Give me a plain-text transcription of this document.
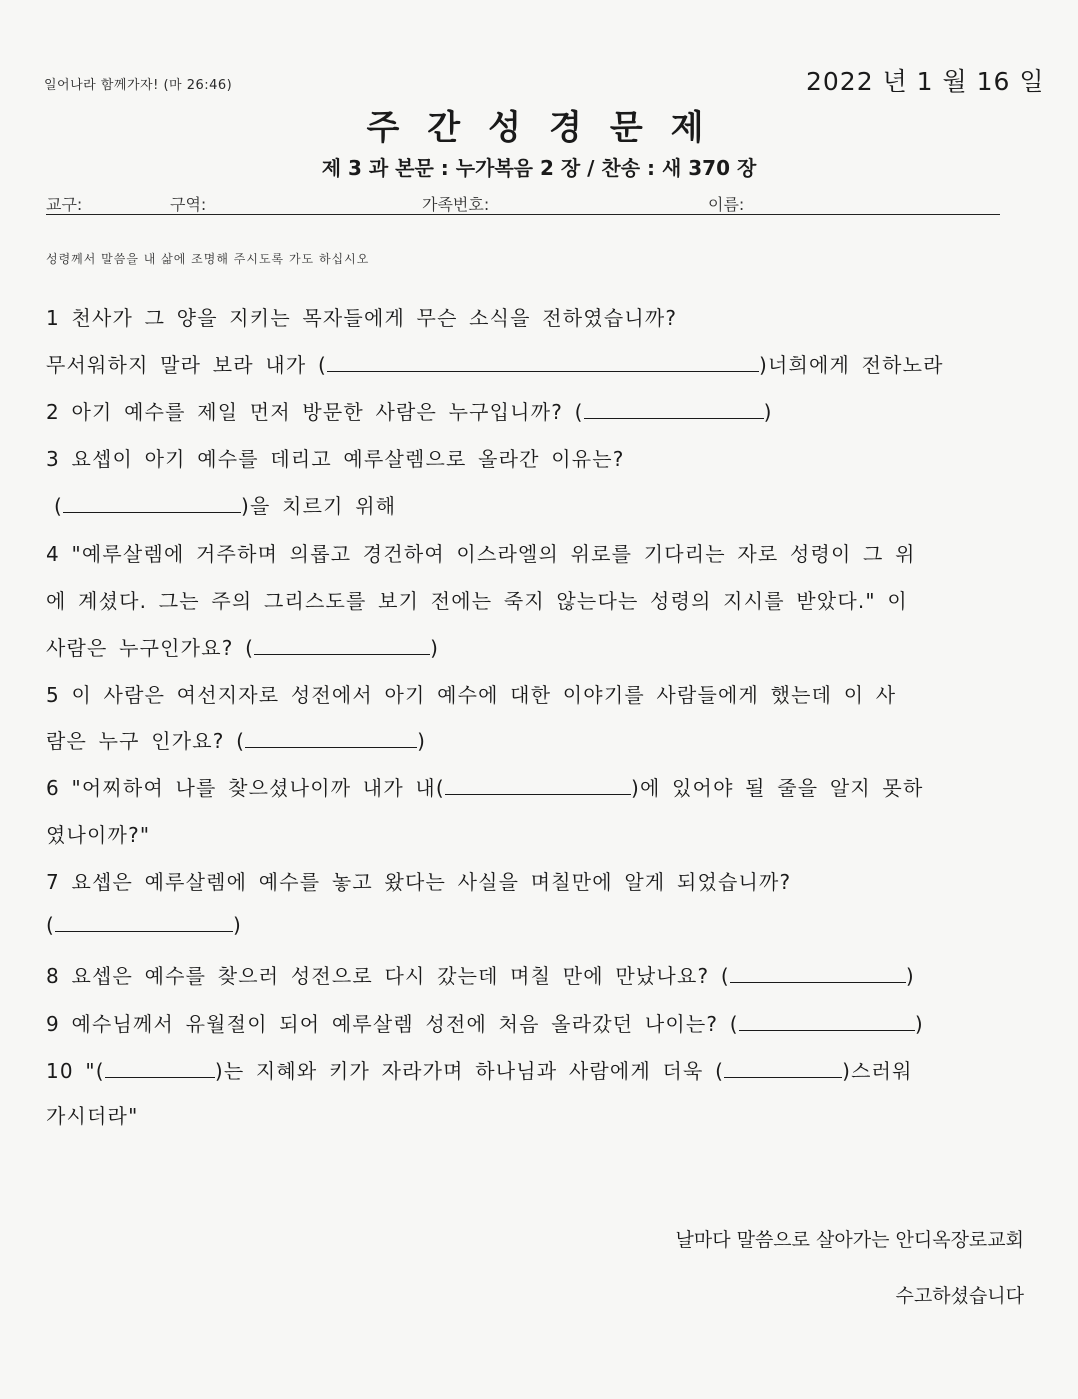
일어나라 함께가자! (마 26:46)	2022 년 1 월 16 일
주간성경문제
제 3 과 본문 : 누가복음 2 장 / 찬송 : 새 370 장
교구:	구역:	가족번호:	이름:
성령께서 말씀을 내 삶에 조명해 주시도록 가도 하십시오
1 천사가 그 양을 지키는 목자들에게 무슨 소식을 전하였습니까?
무서워하지 말라 보라 내가 (	)너희에게 전하노라
2 아기 예수를 제일 먼저 방문한 사람은 누구입니까? (	)
3 요셉이 아기 예수를 데리고 예루살렘으로 올라간 이유는?
(	)을 치르기 위해
4 "예루살렘에 거주하며 의롭고 경건하여 이스라엘의 위로를 기다리는 자로 성령이 그 위
에 계셨다. 그는 주의 그리스도를 보기 전에는 죽지 않는다는 성령의 지시를 받았다." 이
사람은 누구인가요? (	)
5 이 사람은 여선지자로 성전에서 아기 예수에 대한 이야기를 사람들에게 했는데 이 사
람은 누구 인가요? (	)
6 "어찌하여 나를 찾으셨나이까 내가 내(	)에 있어야 될 줄을 알지 못하
였나이까?"
7 요셉은 예루살렘에 예수를 놓고 왔다는 사실을 며칠만에 알게 되었습니까?
(	)
8 요셉은 예수를 찾으러 성전으로 다시 갔는데 며칠 만에 만났나요? (	)
9 예수님께서 유월절이 되어 예루살렘 성전에 처음 올라갔던 나이는? (	)
10 "(	)는 지혜와 키가 자라가며 하나님과 사람에게 더욱 (	)스러워
가시더라"
날마다 말씀으로 살아가는 안디옥장로교회
수고하셨습니다
